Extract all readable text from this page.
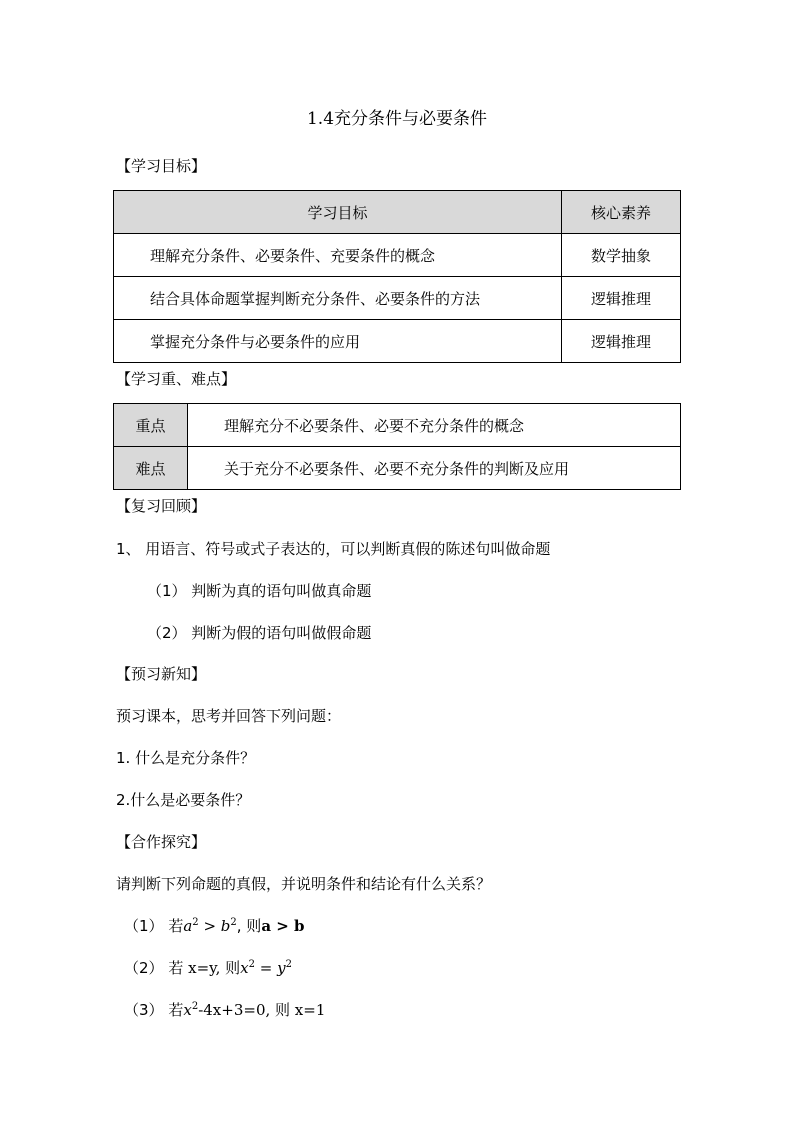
1.4充分条件与必要条件
【学习目标】
学习目标	核心素养
理解充分条件、必要条件、充要条件的概念	数学抽象
结合具体命题掌握判断充分条件、必要条件的方法	逻辑推理
掌握充分条件与必要条件的应用	逻辑推理
【学习重、难点】
重点	理解充分不必要条件、必要不充分条件的概念
难点	关于充分不必要条件、必要不充分条件的判断及应用
【复习回顾】
1、 用语言、符号或式子表达的，可以判断真假的陈述句叫做命题
（1） 判断为真的语句叫做真命题
（2） 判断为假的语句叫做假命题
【预习新知】
预习课本，思考并回答下列问题：
1. 什么是充分条件？
2.什么是必要条件？
【合作探究】
请判断下列命题的真假，并说明条件和结论有什么关系？
（1） 若$a^2 > b^2$, 则a > b
（2） 若 x=y, 则$x^2 = y^2$
（3） 若$x^2-4x+3=0$, 则 x=1
